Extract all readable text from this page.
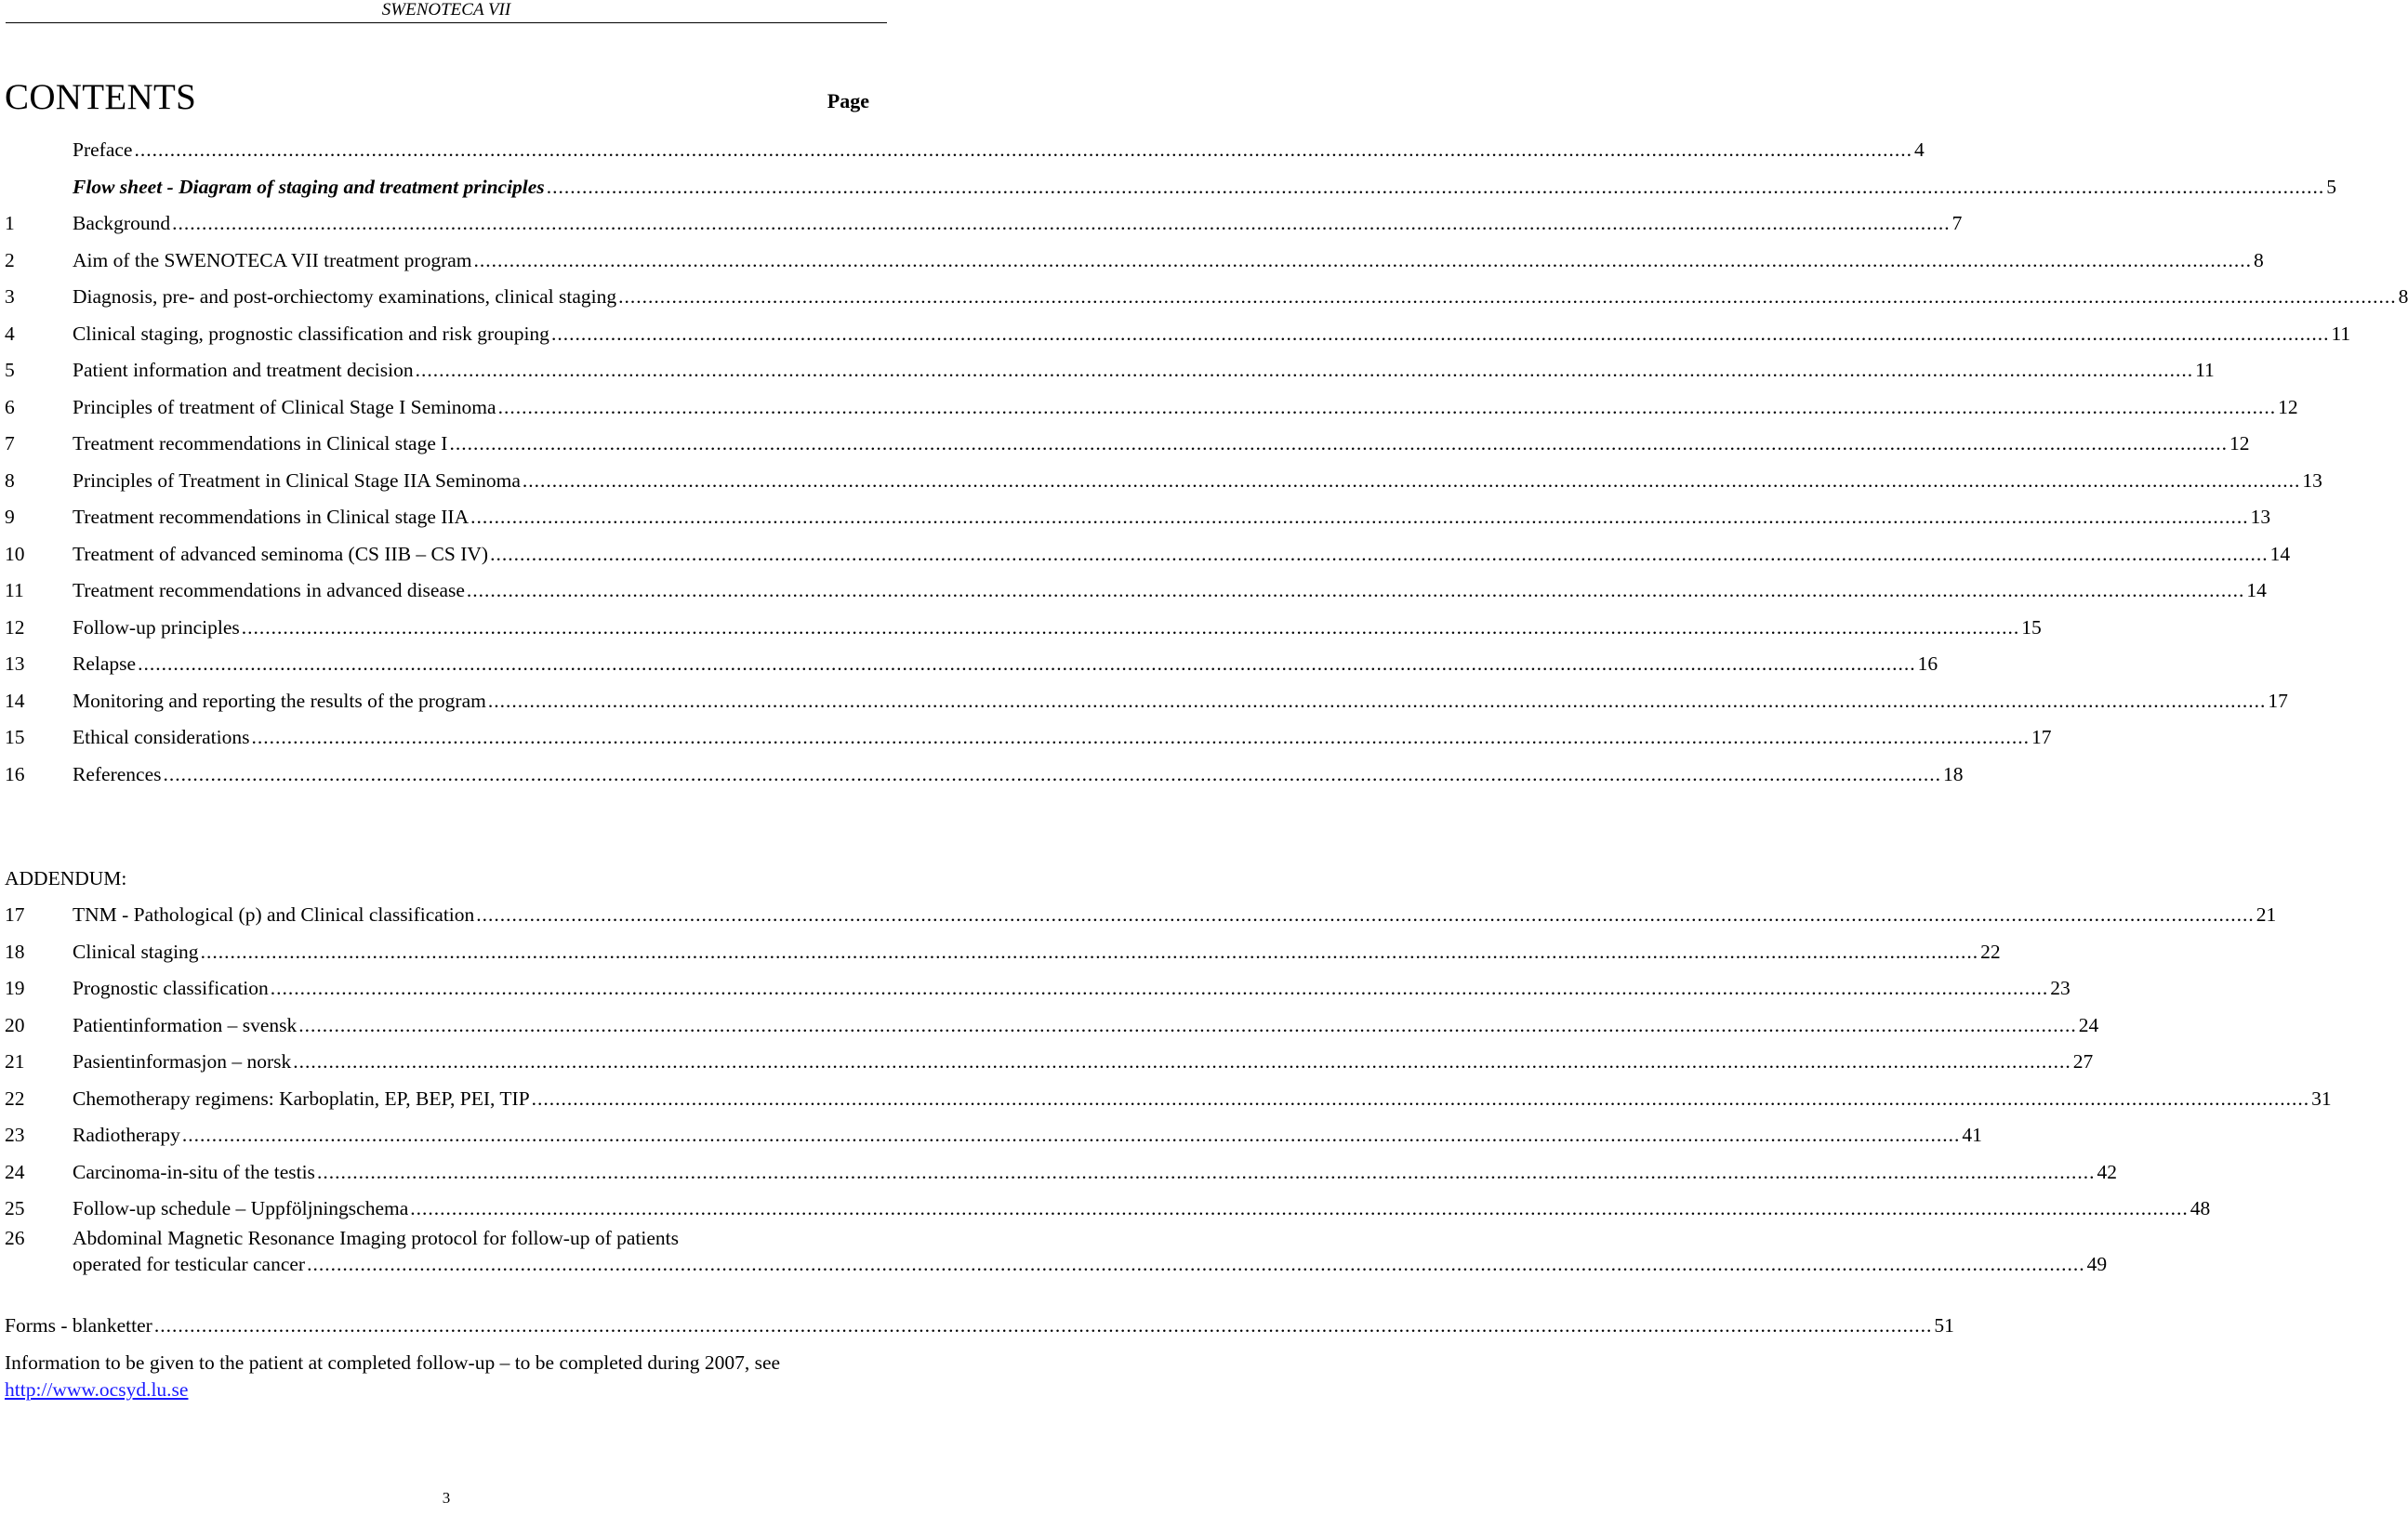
SWENOTECA VII
CONTENTS	Page
Preface ............................................................................................................................................................................................................................................................................................................ 4
Flow sheet - Diagram of staging and treatment principles ............................................................................................................................................................................................................................................................................................................ 5
1	Background ............................................................................................................................................................................................................................................................................................................ 7
2	Aim of the SWENOTECA VII treatment program ............................................................................................................................................................................................................................................................................................................ 8
3	Diagnosis, pre- and post-orchiectomy examinations, clinical staging ............................................................................................................................................................................................................................................................................................................ 8
4	Clinical staging, prognostic classification and risk grouping ............................................................................................................................................................................................................................................................................................................ 11
5	Patient information and treatment decision ............................................................................................................................................................................................................................................................................................................ 11
6	Principles of treatment of Clinical Stage I Seminoma ............................................................................................................................................................................................................................................................................................................ 12
7	Treatment recommendations in Clinical stage I ............................................................................................................................................................................................................................................................................................................ 12
8	Principles of Treatment in Clinical Stage IIA Seminoma ............................................................................................................................................................................................................................................................................................................ 13
9	Treatment recommendations in Clinical stage IIA ............................................................................................................................................................................................................................................................................................................ 13
10	Treatment of advanced seminoma (CS IIB – CS IV) ............................................................................................................................................................................................................................................................................................................ 14
11	Treatment recommendations in advanced disease ............................................................................................................................................................................................................................................................................................................ 14
12	Follow-up principles ............................................................................................................................................................................................................................................................................................................ 15
13	Relapse ............................................................................................................................................................................................................................................................................................................ 16
14	Monitoring and reporting the results of the program ............................................................................................................................................................................................................................................................................................................ 17
15	Ethical considerations ............................................................................................................................................................................................................................................................................................................ 17
16	References ............................................................................................................................................................................................................................................................................................................ 18
17	TNM - Pathological (p) and Clinical classification ............................................................................................................................................................................................................................................................................................................ 21
18	Clinical staging ............................................................................................................................................................................................................................................................................................................ 22
19	Prognostic classification ............................................................................................................................................................................................................................................................................................................ 23
20	Patientinformation – svensk ............................................................................................................................................................................................................................................................................................................ 24
21	Pasientinformasjon – norsk ............................................................................................................................................................................................................................................................................................................ 27
22	Chemotherapy regimens: Karboplatin, EP, BEP, PEI, TIP ............................................................................................................................................................................................................................................................................................................ 31
23	Radiotherapy ............................................................................................................................................................................................................................................................................................................ 41
24	Carcinoma-in-situ of the testis ............................................................................................................................................................................................................................................................................................................ 42
25	Follow-up schedule – Uppföljningschema ............................................................................................................................................................................................................................................................................................................ 48
ADDENDUM:
26	Abdominal Magnetic Resonance Imaging protocol for follow-up of patients
operated for testicular cancer ............................................................................................................................................................................................................................................................................................................ 49
Forms - blanketter ............................................................................................................................................................................................................................................................................................................ 51
Information to be given to the patient at completed follow-up – to be completed during 2007, see http://www.ocsyd.lu.se
3
